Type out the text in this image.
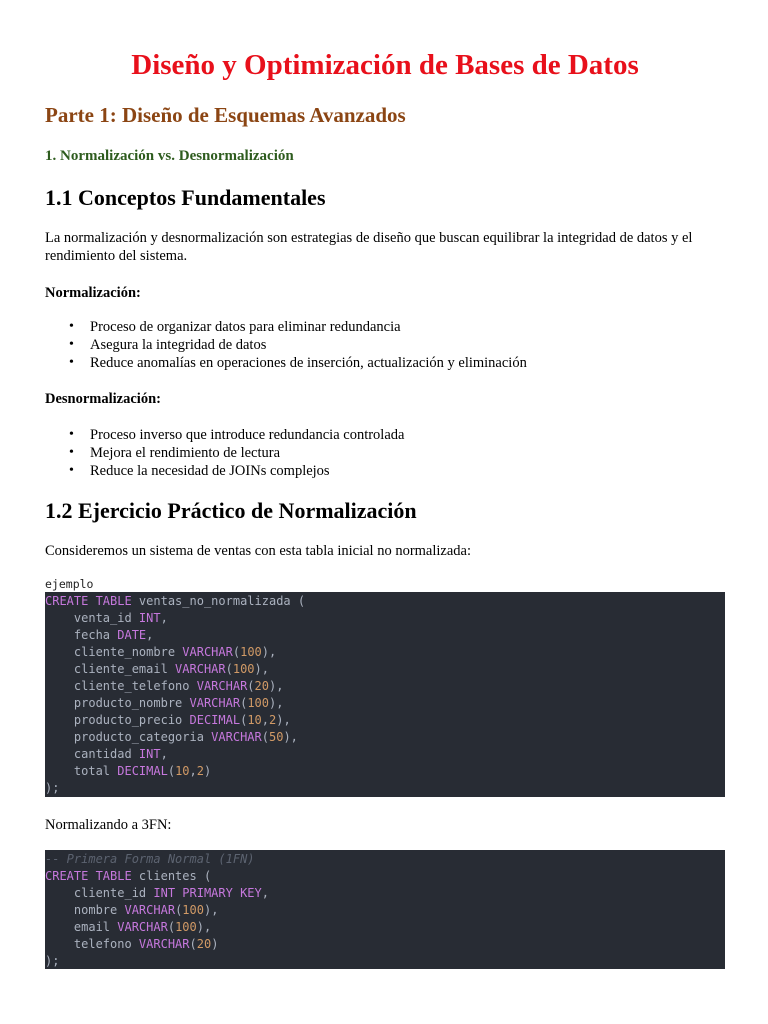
Diseño y Optimización de Bases de Datos
Parte 1: Diseño de Esquemas Avanzados
1. Normalización vs. Desnormalización
1.1 Conceptos Fundamentales

La normalización y desnormalización son estrategias de diseño que buscan equilibrar la integridad de datos y el rendimiento del sistema.

Normalización:

• Proceso de organizar datos para eliminar redundancia
• Asegura la integridad de datos
• Reduce anomalías en operaciones de inserción, actualización y eliminación

Desnormalización:

• Proceso inverso que introduce redundancia controlada
• Mejora el rendimiento de lectura
• Reduce la necesidad de JOINs complejos
1.2 Ejercicio Práctico de Normalización

Consideremos un sistema de ventas con esta tabla inicial no normalizada:

ejemplo
CREATE TABLE ventas_no_normalizada (
venta_id INT,
fecha DATE,
cliente_nombre VARCHAR(100),
cliente_email VARCHAR(100),
cliente_telefono VARCHAR(20),
producto_nombre VARCHAR(100),
producto_precio DECIMAL(10,2),
producto_categoria VARCHAR(50),
cantidad INT,
total DECIMAL(10,2)
);

Normalizando a 3FN:

-- Primera Forma Normal (1FN)
CREATE TABLE clientes (
cliente_id INT PRIMARY KEY,
nombre VARCHAR(100),
email VARCHAR(100),
telefono VARCHAR(20)
);
